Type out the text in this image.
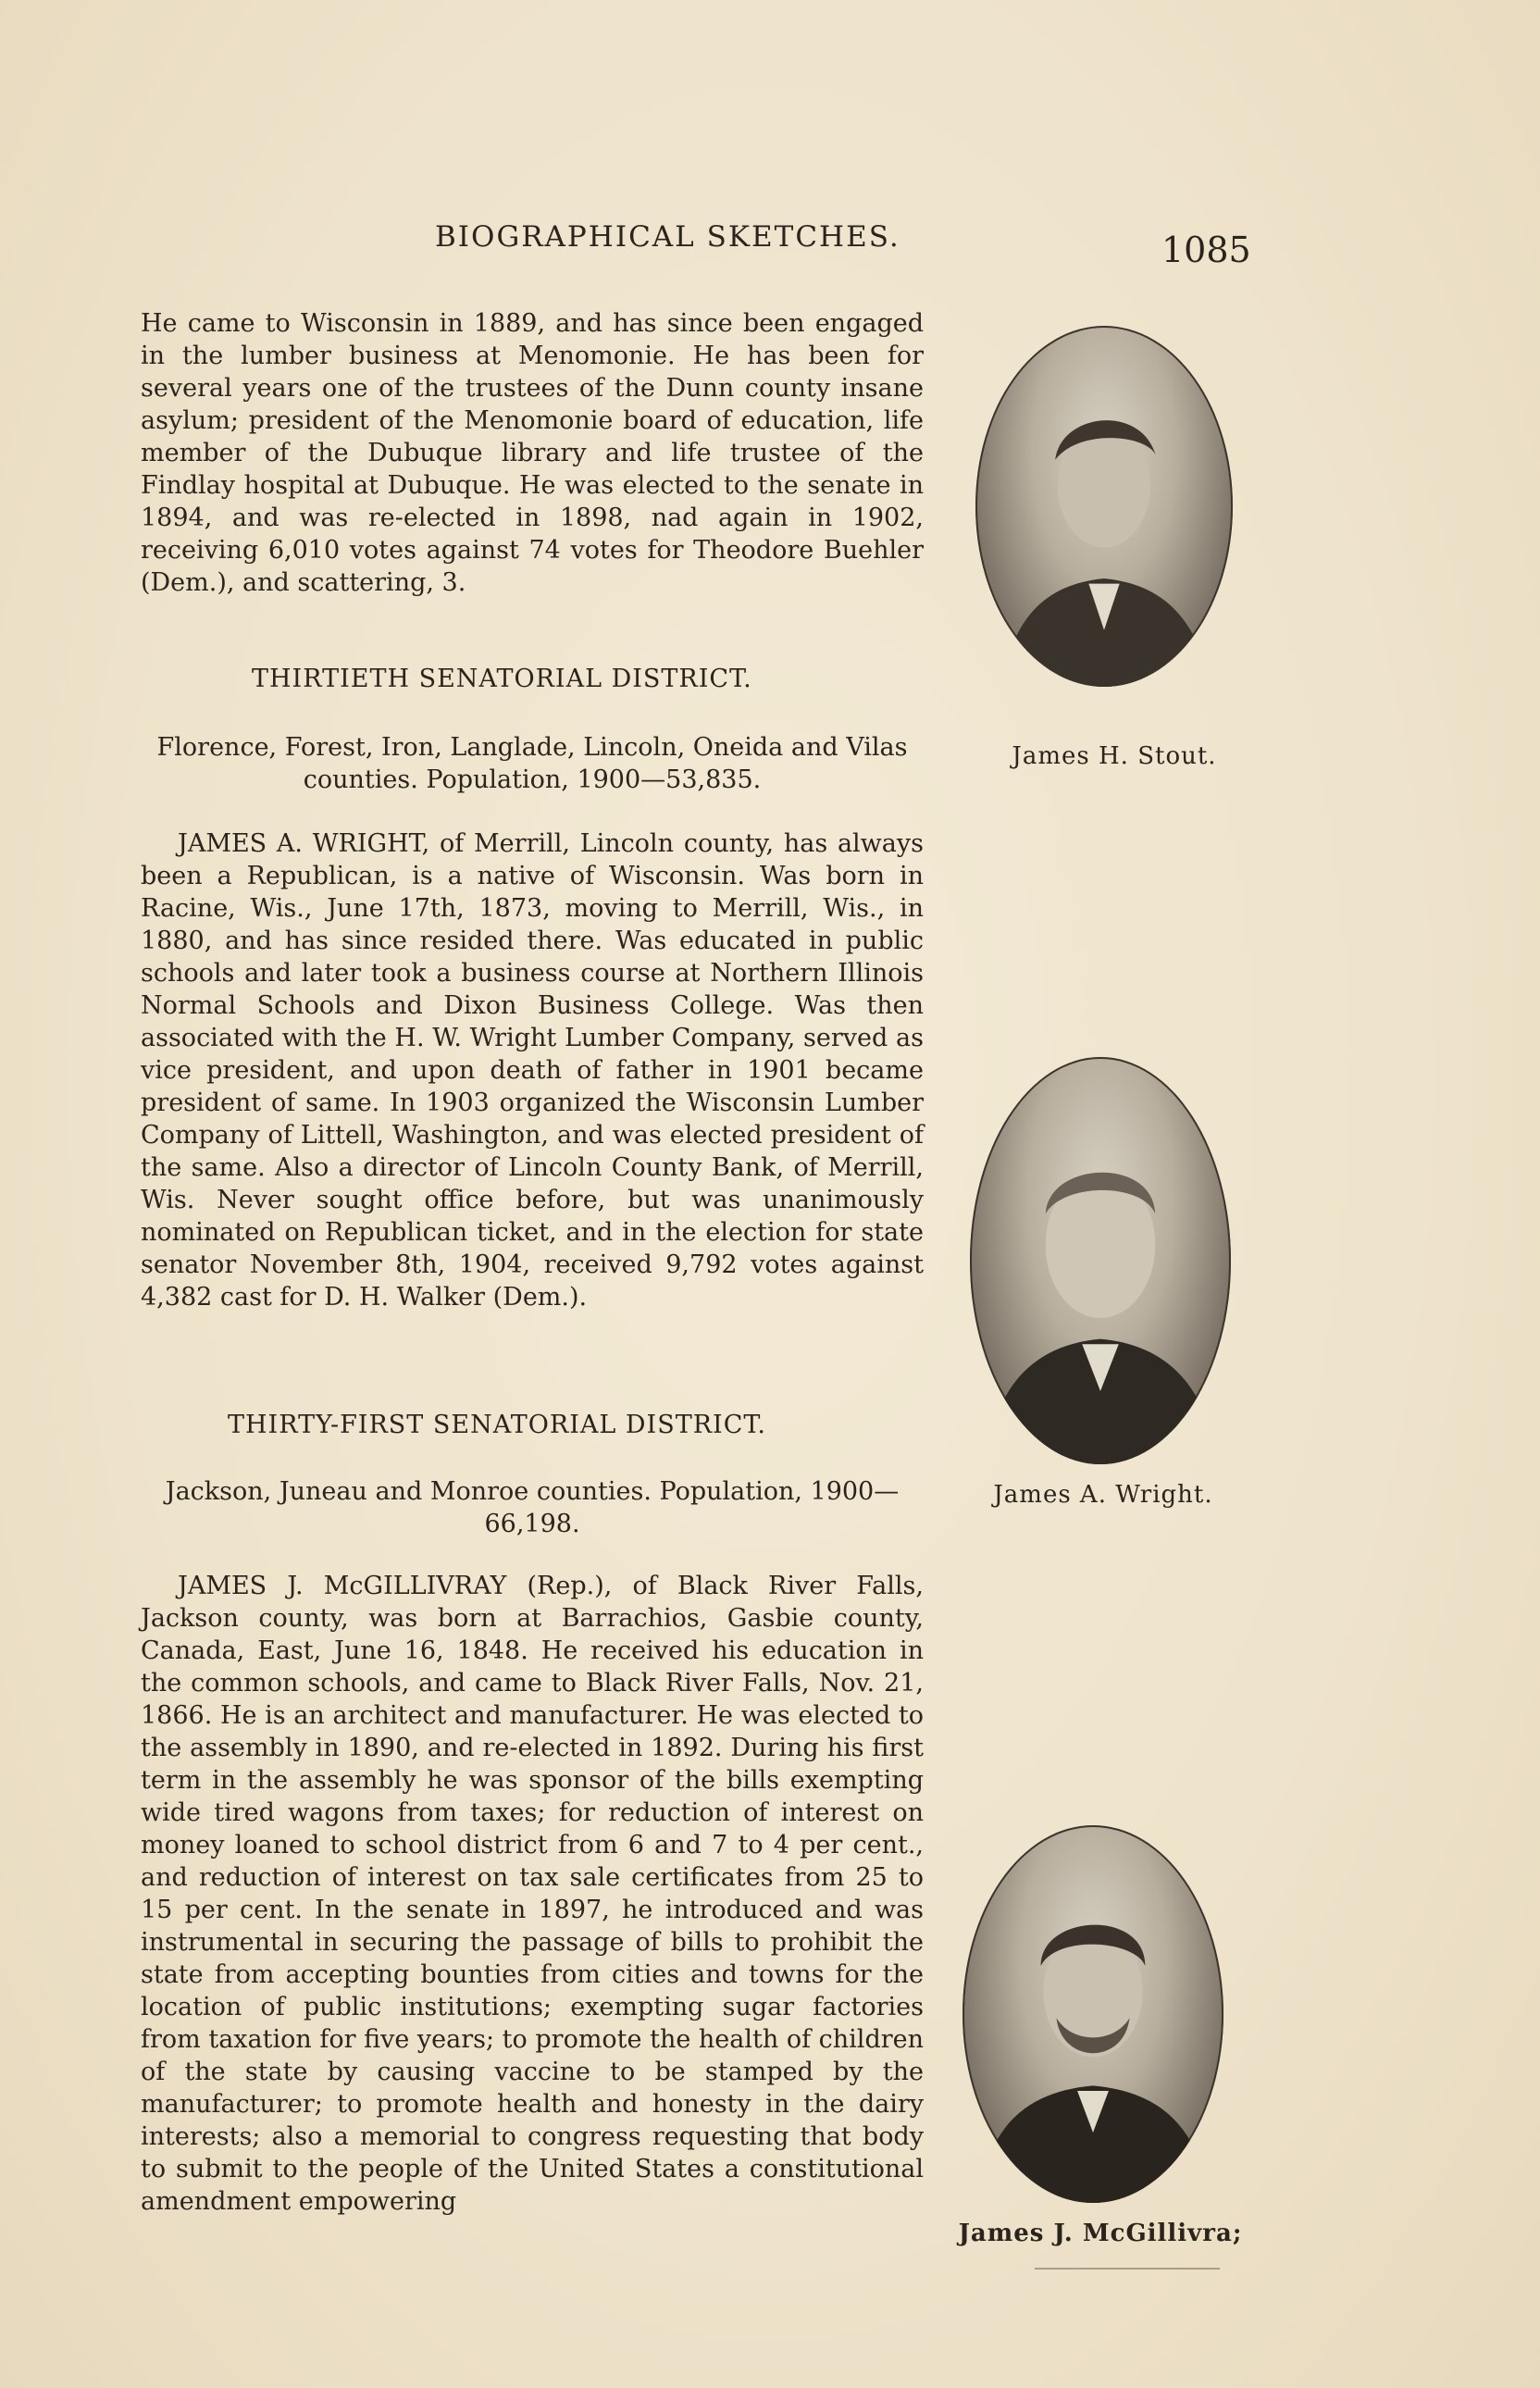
BIOGRAPHICAL SKETCHES.	1085

He came to Wisconsin in 1889, and has since been engaged in the lumber business at Menomonie. He has been for several years one of the trustees of the Dunn county insane asylum; president of the Menomonie board of education, life member of the Dubuque library and life trustee of the Findlay hospital at Dubuque. He was elected to the senate in 1894, and was re-elected in 1898, nad again in 1902, receiving 6,010 votes against 74 votes for Theodore Buehler (Dem.), and scattering, 3.

THIRTIETH SENATORIAL DISTRICT.
Florence, Forest, Iron, Langlade, Lincoln, Oneida and Vilas counties. Population, 1900—53,835.

JAMES A. WRIGHT, of Merrill, Lincoln county, has always been a Republican, is a native of Wisconsin. Was born in Racine, Wis., June 17th, 1873, moving to Merrill, Wis., in 1880, and has since resided there. Was educated in public schools and later took a business course at Northern Illinois Normal Schools and Dixon Business College. Was then associated with the H. W. Wright Lumber Company, served as vice president, and upon death of father in 1901 became president of same. In 1903 organized the Wisconsin Lumber Company of Littell, Washington, and was elected president of the same. Also a director of Lincoln County Bank, of Merrill, Wis. Never sought office before, but was unanimously nominated on Republican ticket, and in the election for state senator November 8th, 1904, received 9,792 votes against 4,382 cast for D. H. Walker (Dem.).

THIRTY-FIRST SENATORIAL DISTRICT.
Jackson, Juneau and Monroe counties. Population, 1900—66,198.

JAMES J. McGILLIVRAY (Rep.), of Black River Falls, Jackson county, was born at Barrachios, Gasbie county, Canada, East, June 16, 1848. He received his education in the common schools, and came to Black River Falls, Nov. 21, 1866. He is an architect and manufacturer. He was elected to the assembly in 1890, and re-elected in 1892. During his first term in the assembly he was sponsor of the bills exempting wide tired wagons from taxes; for reduction of interest on money loaned to school district from 6 and 7 to 4 per cent., and reduction of interest on tax sale certificates from 25 to 15 per cent. In the senate in 1897, he introduced and was instrumental in securing the passage of bills to prohibit the state from accepting bounties from cities and towns for the location of public institutions; exempting sugar factories from taxation for five years; to promote the health of children of the state by causing vaccine to be stamped by the manufacturer; to promote health and honesty in the dairy interests; also a memorial to congress requesting that body to submit to the people of the United States a constitutional amendment empowering

James H. Stout.
James A. Wright.
James J. McGillivra;
